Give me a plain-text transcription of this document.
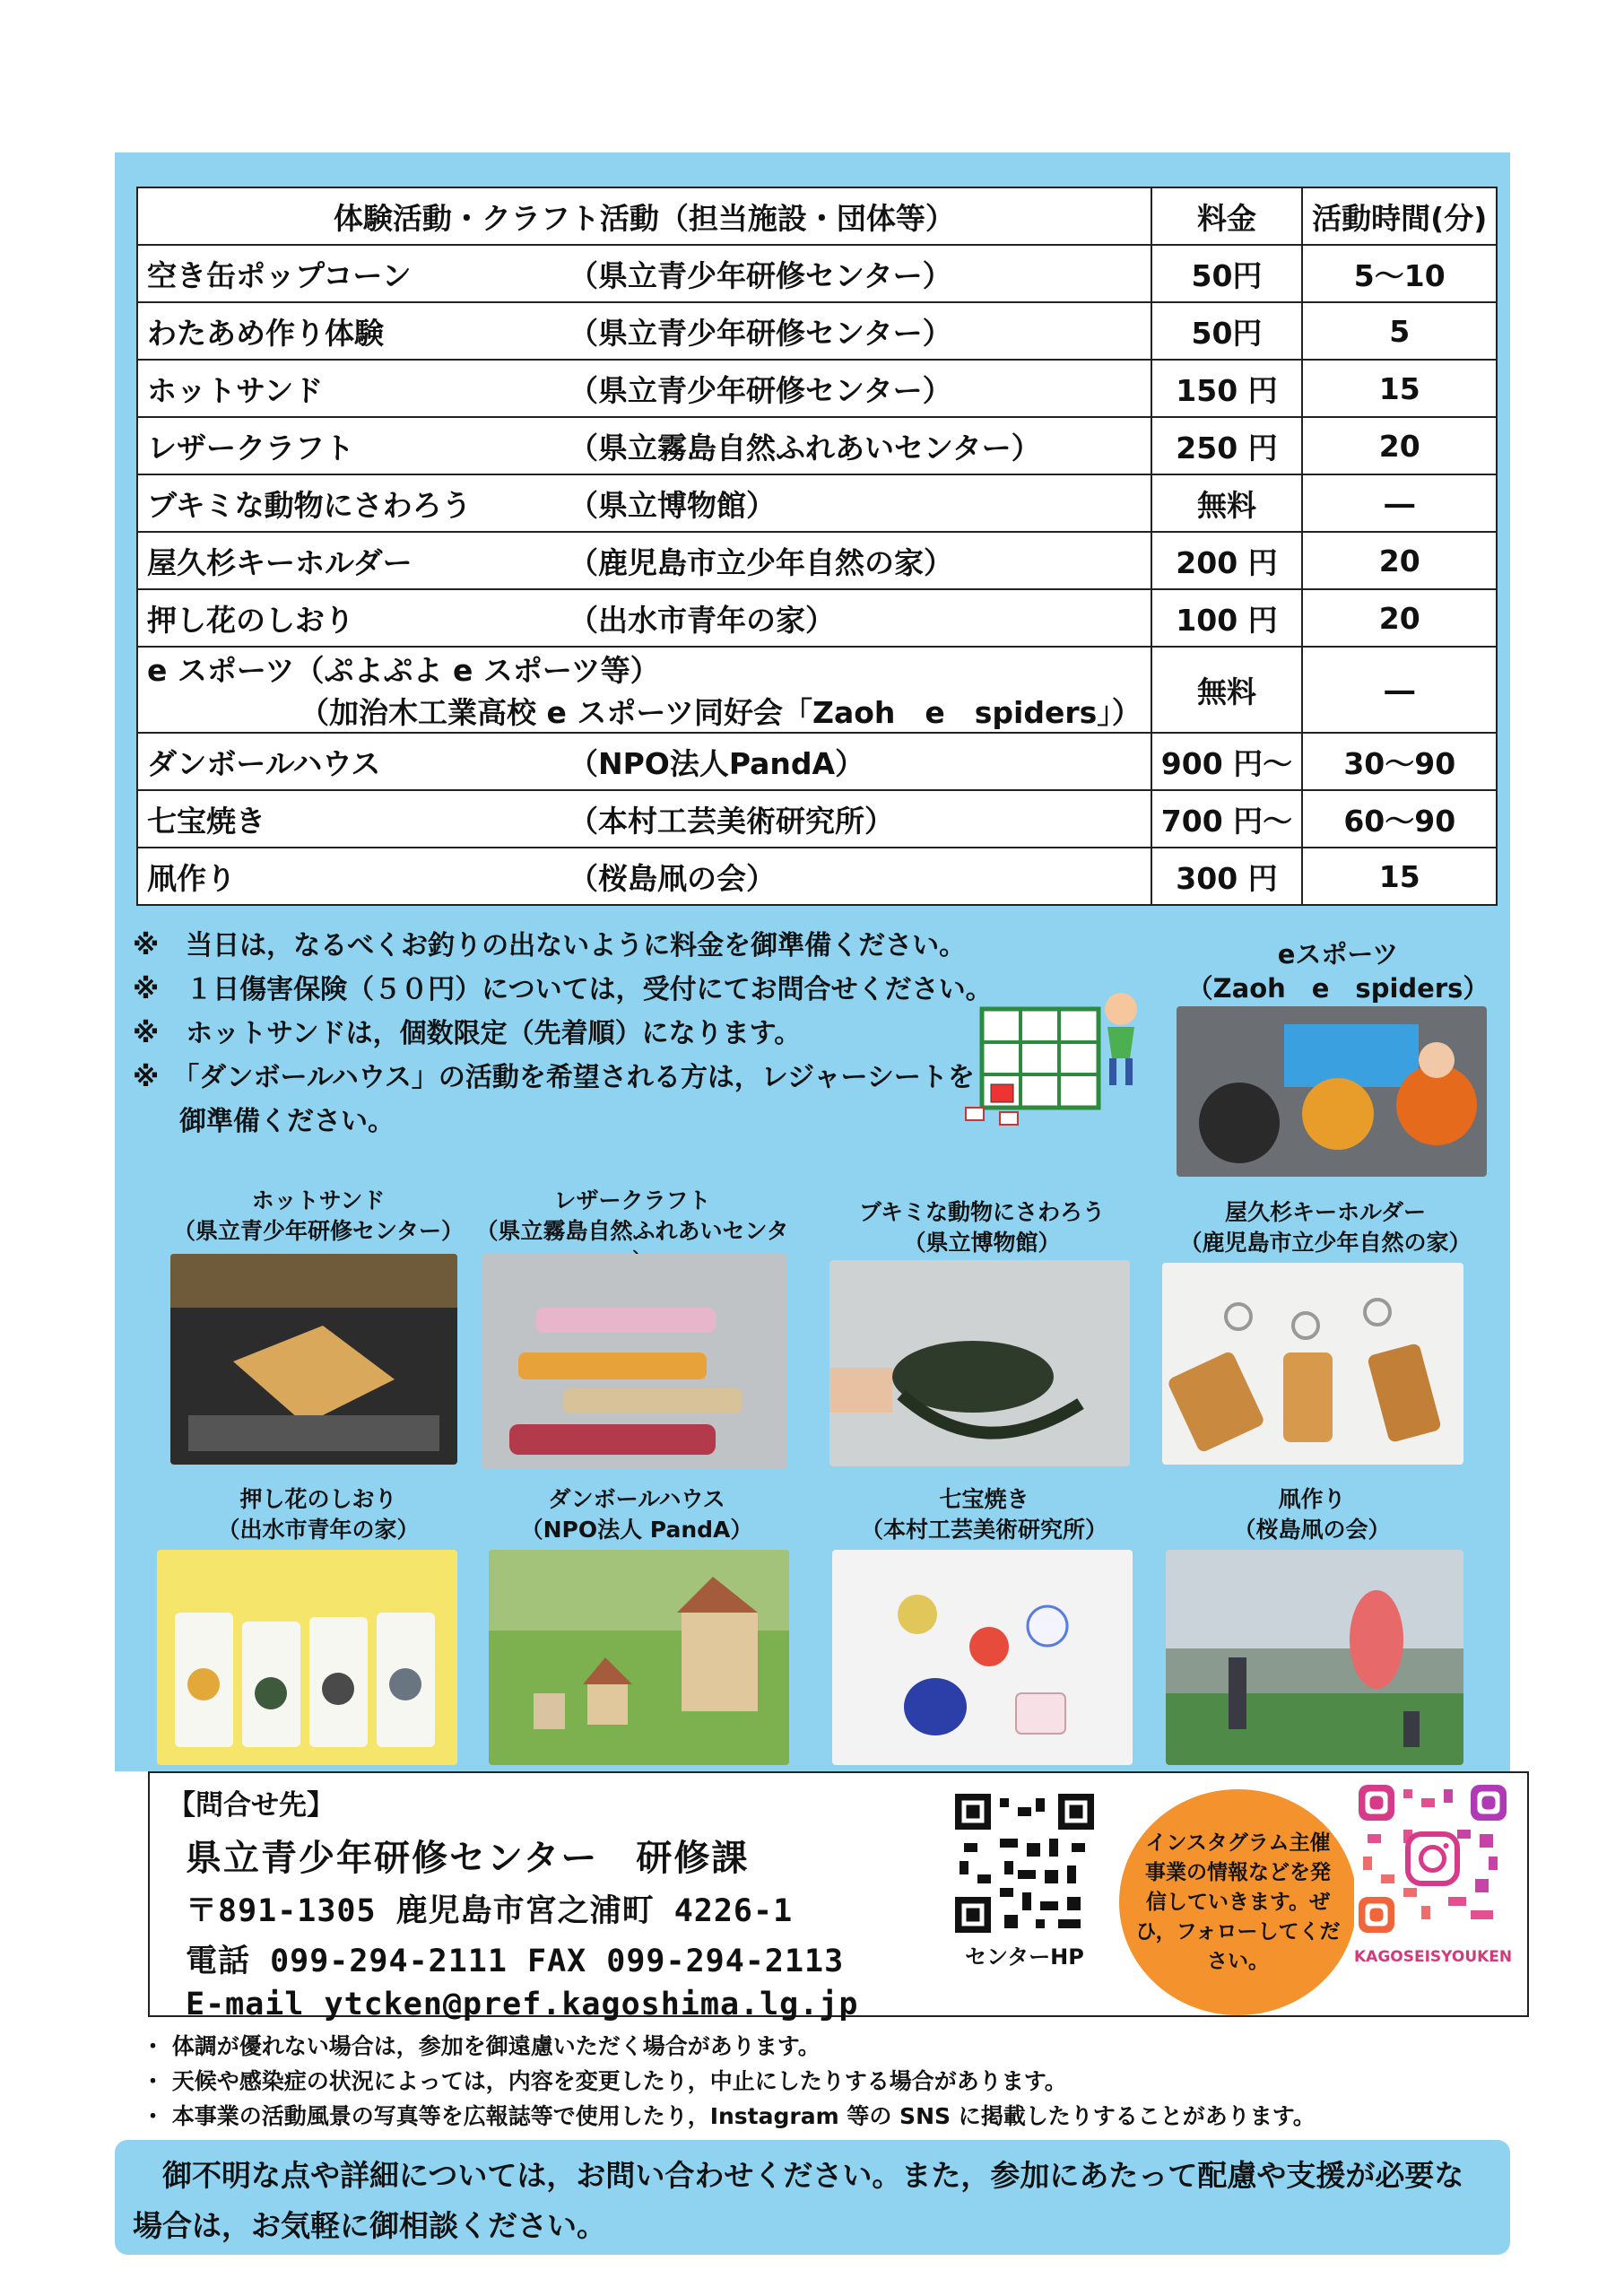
体験活動・クラフト活動（担当施設・団体等）	料金	活動時間(分)
空き缶ポップコーン （県立青少年研修センター）	50円	5～10
わたあめ作り体験 （県立青少年研修センター）	50円	5
ホットサンド （県立青少年研修センター）	150 円	15
レザークラフト （県立霧島自然ふれあいセンター）	250 円	20
ブキミな動物にさわろう （県立博物館）	無料	―
屋久杉キーホルダー （鹿児島市立少年自然の家）	200 円	20
押し花のしおり （出水市青年の家）	100 円	20

e スポーツ（ぷよぷよ e スポーツ等）
（加治木工業高校 e スポーツ同好会「Zaoh　e　spiders」）	無料	―
ダンボールハウス （NPO法人PandA）	900 円～	30～90
七宝焼き （本村工芸美術研究所）	700 円～	60～90
凧作り （桜島凧の会）	300 円	15
※　当日は，なるべくお釣りの出ないように料金を御準備ください。
※　１日傷害保険（５０円）については，受付にてお問合せください。
※　ホットサンドは，個数限定（先着順）になります。
※　「ダンボールハウス」の活動を希望される方は，レジャーシートを
御準備ください。
eスポーツ
（Zaoh　e　spiders）
ホットサンド
（県立青少年研修センター）
レザークラフト
（県立霧島自然ふれあいセンタ
ブキミな動物にさわろう
（県立博物館）
屋久杉キーホルダー
（鹿児島市立少年自然の家）
押し花のしおり
（出水市青年の家）
ダンボールハウス
（NPO法人 PandA）
七宝焼き
（本村工芸美術研究所）
凧作り
（桜島凧の会）
【問合せ先】
県立青少年研修センター　研修課
〒891-1305 鹿児島市宮之浦町 4226-1
電話 099-294-2111 FAX 099-294-2113
E-mail ytcken@pref.kagoshima.lg.jp
センターHP
インスタグラム主催事業の情報などを発信していきます。ぜひ，フォローしてください。	KAGOSEISYOUKEN
・ 体調が優れない場合は，参加を御遠慮いただく場合があります。
・ 天候や感染症の状況によっては，内容を変更したり，中止にしたりする場合があります。
・ 本事業の活動風景の写真等を広報誌等で使用したり，Instagram 等の SNS に掲載したりすることがあります。
　御不明な点や詳細については，お問い合わせください。また，参加にあたって配慮や支援が必要な場合は，お気軽に御相談ください。
